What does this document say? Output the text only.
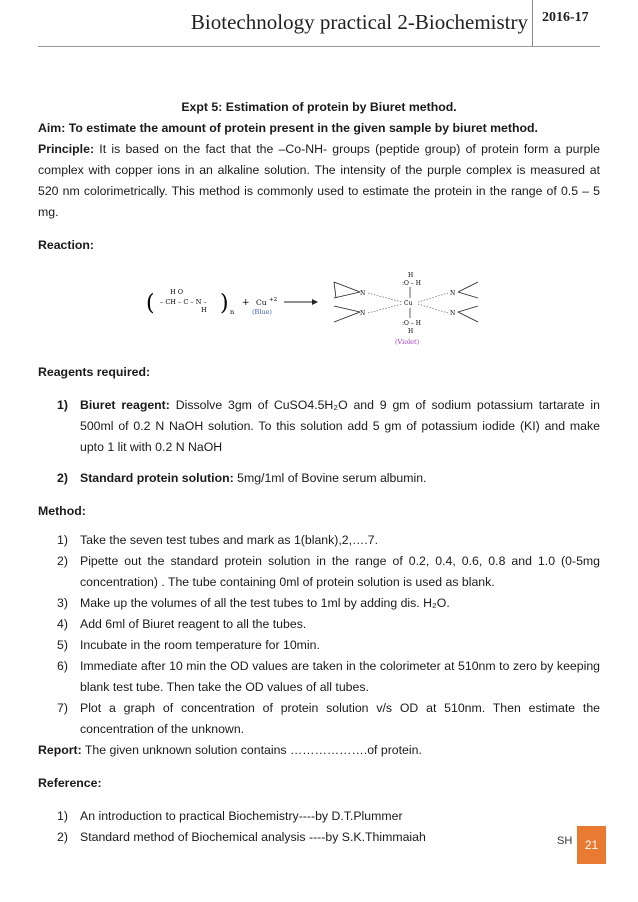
Biotechnology practical 2-Biochemistry 2016-17

Expt 5: Estimation of protein by Biuret method.

Aim: To estimate the amount of protein present in the given sample by biuret method.

Principle: It is based on the fact that the –Co-NH- groups (peptide group) of protein form a purple complex with copper ions in an alkaline solution. The intensity of the purple complex is measured at 520 nm colorimetrically. This method is commonly used to estimate the protein in the range of 0.5 – 5 mg.

Reaction:

( H O
– CH – C – N –
H ) n
+ Cu +2
(Blue)
H
:O – H
Cu
:O – H
H
N
N
N
N
(Violet)

Reagents required:

1) Biuret reagent: Dissolve 3gm of CuSO4.5H₂O and 9 gm of sodium potassium tartarate in 500ml of 0.2 N NaOH solution. To this solution add 5 gm of potassium iodide (KI) and make upto 1 lit with 0.2 N NaOH
2) Standard protein solution: 5mg/1ml of Bovine serum albumin.

Method:

1) Take the seven test tubes and mark as 1(blank),2,….7.
2) Pipette out the standard protein solution in the range of 0.2, 0.4, 0.6, 0.8 and 1.0 (0-5mg concentration) . The tube containing 0ml of protein solution is used as blank.
3) Make up the volumes of all the test tubes to 1ml by adding dis. H₂O.
4) Add 6ml of Biuret reagent to all the tubes.
5) Incubate in the room temperature for 10min.
6) Immediate after 10 min the OD values are taken in the colorimeter at 510nm to zero by keeping blank test tube. Then take the OD values of all tubes.
7) Plot a graph of concentration of protein solution v/s OD at 510nm. Then estimate the concentration of the unknown.

Report: The given unknown solution contains ……………….of protein.

Reference:

1) An introduction to practical Biochemistry----by D.T.Plummer
2) Standard method of Biochemical analysis ----by S.K.Thimmaiah	SH 21
